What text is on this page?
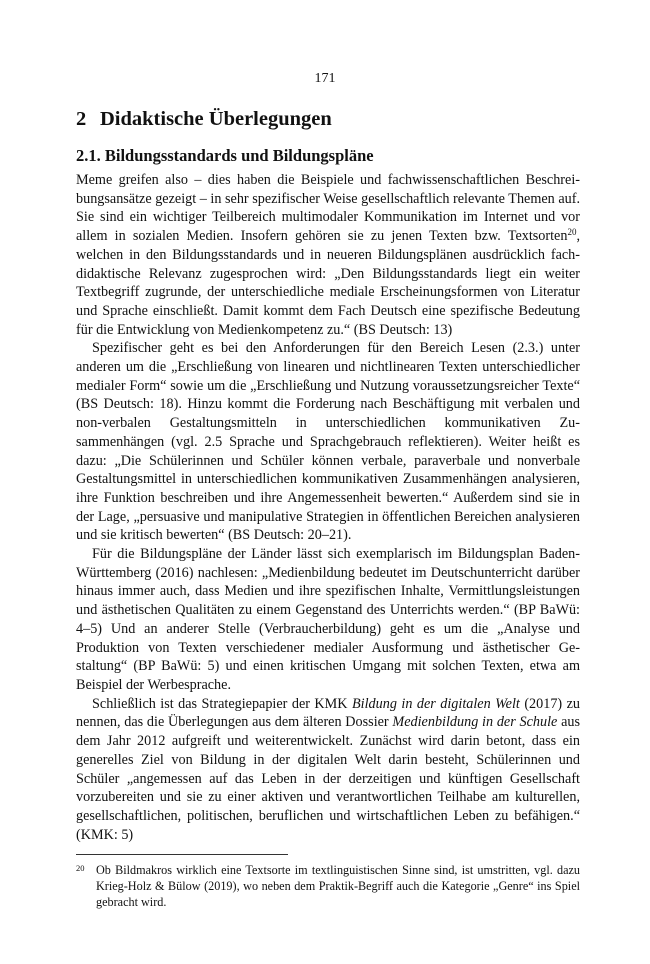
171
2 Didaktische Überlegungen
2.1. Bildungsstandards und Bildungspläne

Meme greifen also – dies haben die Beispiele und fachwissenschaftlichen Beschreibungsansätze gezeigt – in sehr spezifischer Weise gesellschaftlich relevante Themen auf. Sie sind ein wichtiger Teilbereich multimodaler Kommunikation im Internet und vor allem in sozialen Medien. Insofern gehören sie zu jenen Texten bzw. Textsorten$^{20}$, welchen in den Bildungsstandards und in neueren Bildungsplänen ausdrücklich fachdidaktische Relevanz zugesprochen wird: „Den Bildungsstandards liegt ein weiter Textbegriff zugrunde, der unterschiedliche mediale Erscheinungsformen von Literatur und Sprache einschließt. Damit kommt dem Fach Deutsch eine spezifische Bedeutung für die Entwicklung von Medienkompetenz zu.“ (BS Deutsch: 13)

Spezifischer geht es bei den Anforderungen für den Bereich Lesen (2.3.) unter anderen um die „Erschließung von linearen und nichtlinearen Texten unterschiedlicher medialer Form“ sowie um die „Erschließung und Nutzung voraussetzungsreicher Texte“ (BS Deutsch: 18). Hinzu kommt die Forderung nach Beschäftigung mit verbalen und non-verbalen Gestaltungsmitteln in unterschiedlichen kommunikativen Zusammenhängen (vgl. 2.5 Sprache und Sprachgebrauch reflektieren). Weiter heißt es dazu: „Die Schülerinnen und Schüler können verbale, paraverbale und nonverbale Gestaltungsmittel in unterschiedlichen kommunikativen Zusammenhängen analysieren, ihre Funktion beschreiben und ihre Angemessenheit bewerten.“ Außerdem sind sie in der Lage, „persuasive und manipulative Strategien in öffentlichen Bereichen analysieren und sie kritisch bewerten“ (BS Deutsch: 20–21).

Für die Bildungspläne der Länder lässt sich exemplarisch im Bildungsplan Baden-Württemberg (2016) nachlesen: „Medienbildung bedeutet im Deutschunterricht darüber hinaus immer auch, dass Medien und ihre spezifischen Inhalte, Vermittlungsleistungen und ästhetischen Qualitäten zu einem Gegenstand des Unterrichts werden.“ (BP BaWü: 4–5) Und an anderer Stelle (Verbraucherbildung) geht es um die „Analyse und Produktion von Texten verschiedener medialer Ausformung und ästhetischer Gestaltung“ (BP BaWü: 5) und einen kritischen Umgang mit solchen Texten, etwa am Beispiel der Werbesprache.

Schließlich ist das Strategiepapier der KMK Bildung in der digitalen Welt (2017) zu nennen, das die Überlegungen aus dem älteren Dossier Medienbildung in der Schule aus dem Jahr 2012 aufgreift und weiterentwickelt. Zunächst wird darin betont, dass ein generelles Ziel von Bildung in der digitalen Welt darin besteht, Schülerinnen und Schüler „angemessen auf das Leben in der derzeitigen und künftigen Gesellschaft vorzubereiten und sie zu einer aktiven und verantwortlichen Teilhabe am kulturellen, gesellschaftlichen, politischen, beruflichen und wirtschaftlichen Leben zu befähigen.“ (KMK: 5)

20 Ob Bildmakros wirklich eine Textsorte im textlinguistischen Sinne sind, ist umstritten, vgl. dazu Krieg-Holz & Bülow (2019), wo neben dem Praktik-Begriff auch die Kategorie „Genre“ ins Spiel gebracht wird.
